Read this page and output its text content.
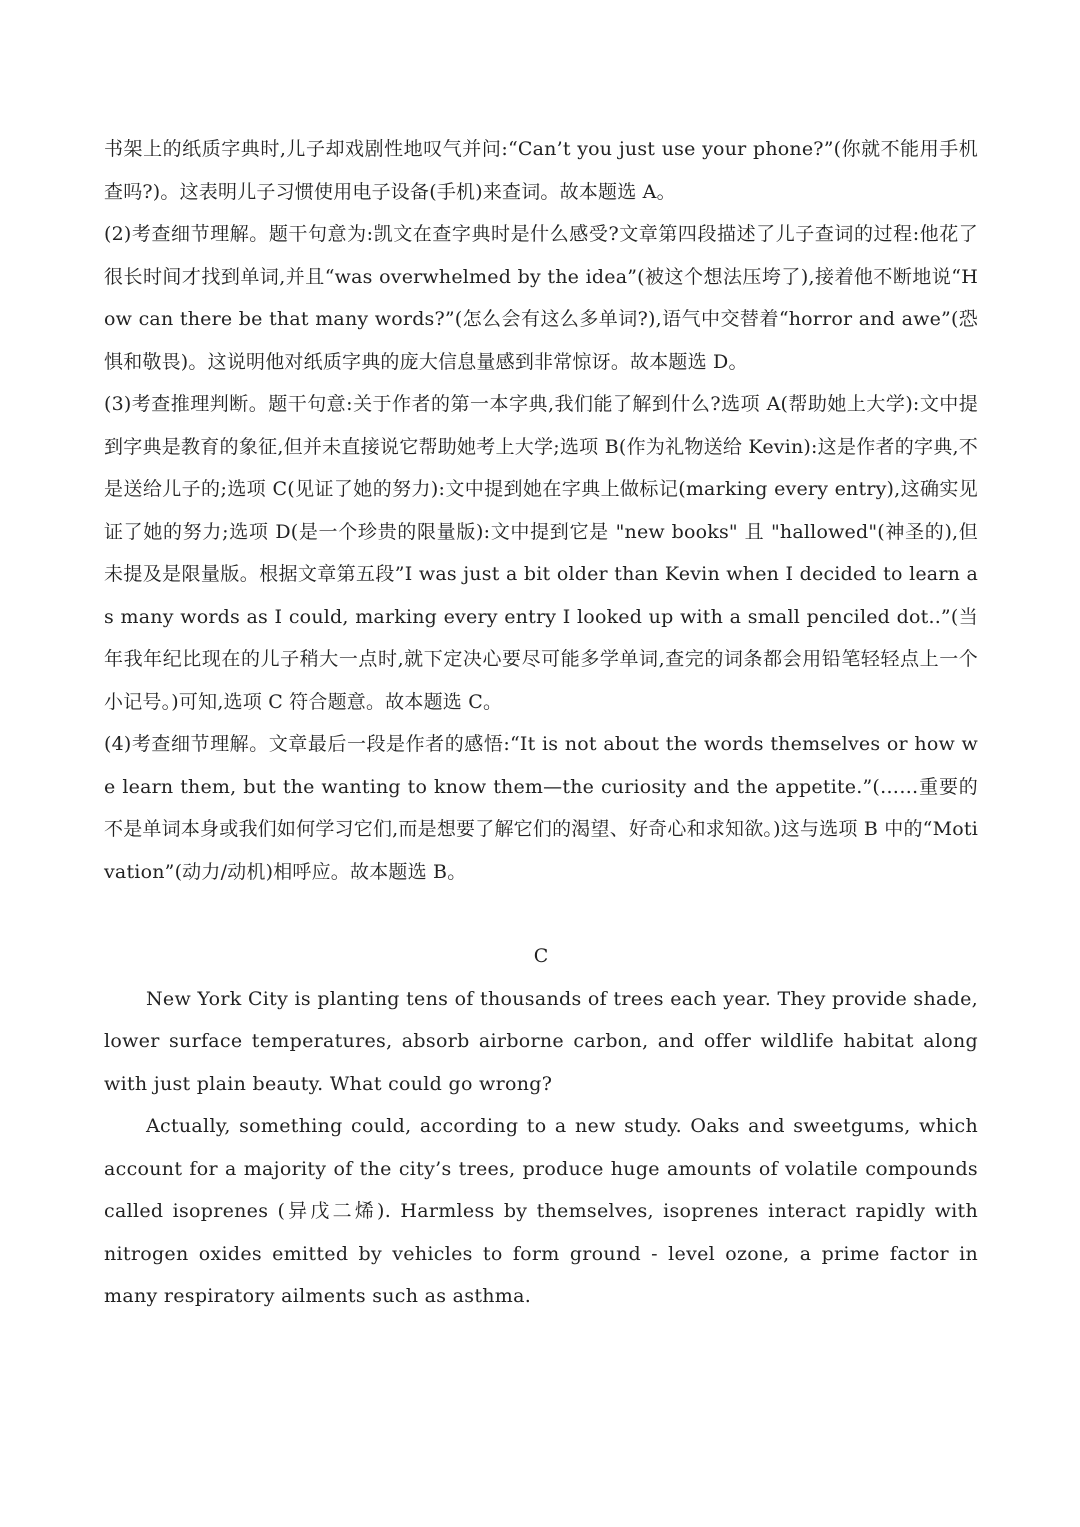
书架上的纸质字典时,儿子却戏剧性地叹气并问:“Can’t you just use your phone?”(你就不能用手机查吗?)。这表明儿子习惯使用电子设备(手机)来查词。故本题选 A。

(2)考查细节理解。题干句意为:凯文在查字典时是什么感受?文章第四段描述了儿子查词的过程:他花了很长时间才找到单词,并且“was overwhelmed by the idea”(被这个想法压垮了),接着他不断地说“How can there be that many words?”(怎么会有这么多单词?),语气中交替着“horror and awe”(恐惧和敬畏)。这说明他对纸质字典的庞大信息量感到非常惊讶。故本题选 D。

(3)考查推理判断。题干句意:关于作者的第一本字典,我们能了解到什么?选项 A(帮助她上大学):文中提到字典是教育的象征,但并未直接说它帮助她考上大学;选项 B(作为礼物送给 Kevin):这是作者的字典,不是送给儿子的;选项 C(见证了她的努力):文中提到她在字典上做标记(marking every entry),这确实见证了她的努力;选项 D(是一个珍贵的限量版):文中提到它是 "new books" 且 "hallowed"(神圣的),但未提及是限量版。根据文章第五段”I was just a bit older than Kevin when I decided to learn as many words as I could, marking every entry I looked up with a small penciled dot..”(当年我年纪比现在的儿子稍大一点时,就下定决心要尽可能多学单词,查完的词条都会用铅笔轻轻点上一个小记号。)可知,选项 C 符合题意。故本题选 C。

(4)考查细节理解。文章最后一段是作者的感悟:“It is not about the words themselves or how we learn them, but the wanting to know them—the curiosity and the appetite.”(……重要的不是单词本身或我们如何学习它们,而是想要了解它们的渴望、好奇心和求知欲。)这与选项 B 中的“Motivation”(动力/动机)相呼应。故本题选 B。

C

New York City is planting tens of thousands of trees each year. They provide shade, lower surface temperatures, absorb airborne carbon, and offer wildlife habitat along with just plain beauty. What could go wrong?

Actually, something could, according to a new study. Oaks and sweetgums, which account for a majority of the city’s trees, produce huge amounts of volatile compounds called isoprenes (异戊二烯). Harmless by themselves, isoprenes interact rapidly with nitrogen oxides emitted by vehicles to form ground - level ozone, a prime factor in many respiratory ailments such as asthma.
